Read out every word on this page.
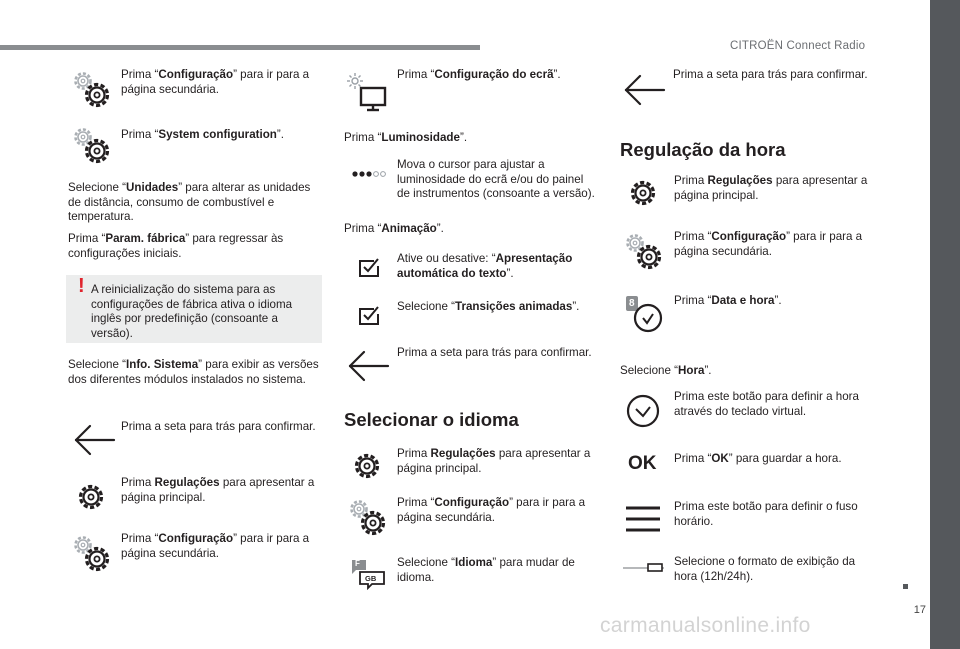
CITROËN Connect Radio
17
carmanualsonline.info
Prima “Configuração” para ir para a página secundária.
Prima “System configuration”.
Selecione “Unidades” para alterar as unidades de distância, consumo de combustível e temperatura.
Prima “Param. fábrica” para regressar às configurações iniciais.
! A reinicialização do sistema para as configurações de fábrica ativa o idioma inglês por predefinição (consoante a versão).
Selecione “Info. Sistema” para exibir as versões dos diferentes módulos instalados no sistema.
Prima a seta para trás para confirmar.
Prima Regulações para apresentar a página principal.
Prima “Configuração” para ir para a página secundária.
Prima “Configuração do ecrã”.
Prima “Luminosidade”.
Mova o cursor para ajustar a luminosidade do ecrã e/ou do painel de instrumentos (consoante a versão).
Prima “Animação”.
Ative ou desative: “Apresentação automática do texto”.
Selecione “Transições animadas”.
Prima a seta para trás para confirmar.
Selecionar o idioma
Prima Regulações para apresentar a página principal.
Prima “Configuração” para ir para a página secundária.
F
GB
Selecione “Idioma” para mudar de idioma.
Prima a seta para trás para confirmar.
Regulação da hora
Prima Regulações para apresentar a página principal.
Prima “Configuração” para ir para a página secundária.
8	Prima “Data e hora”.
Selecione “Hora”.
Prima este botão para definir a hora através do teclado virtual.
OK Prima “OK” para guardar a hora.
Prima este botão para definir o fuso horário.
Selecione o formato de exibição da hora (12h/24h).
